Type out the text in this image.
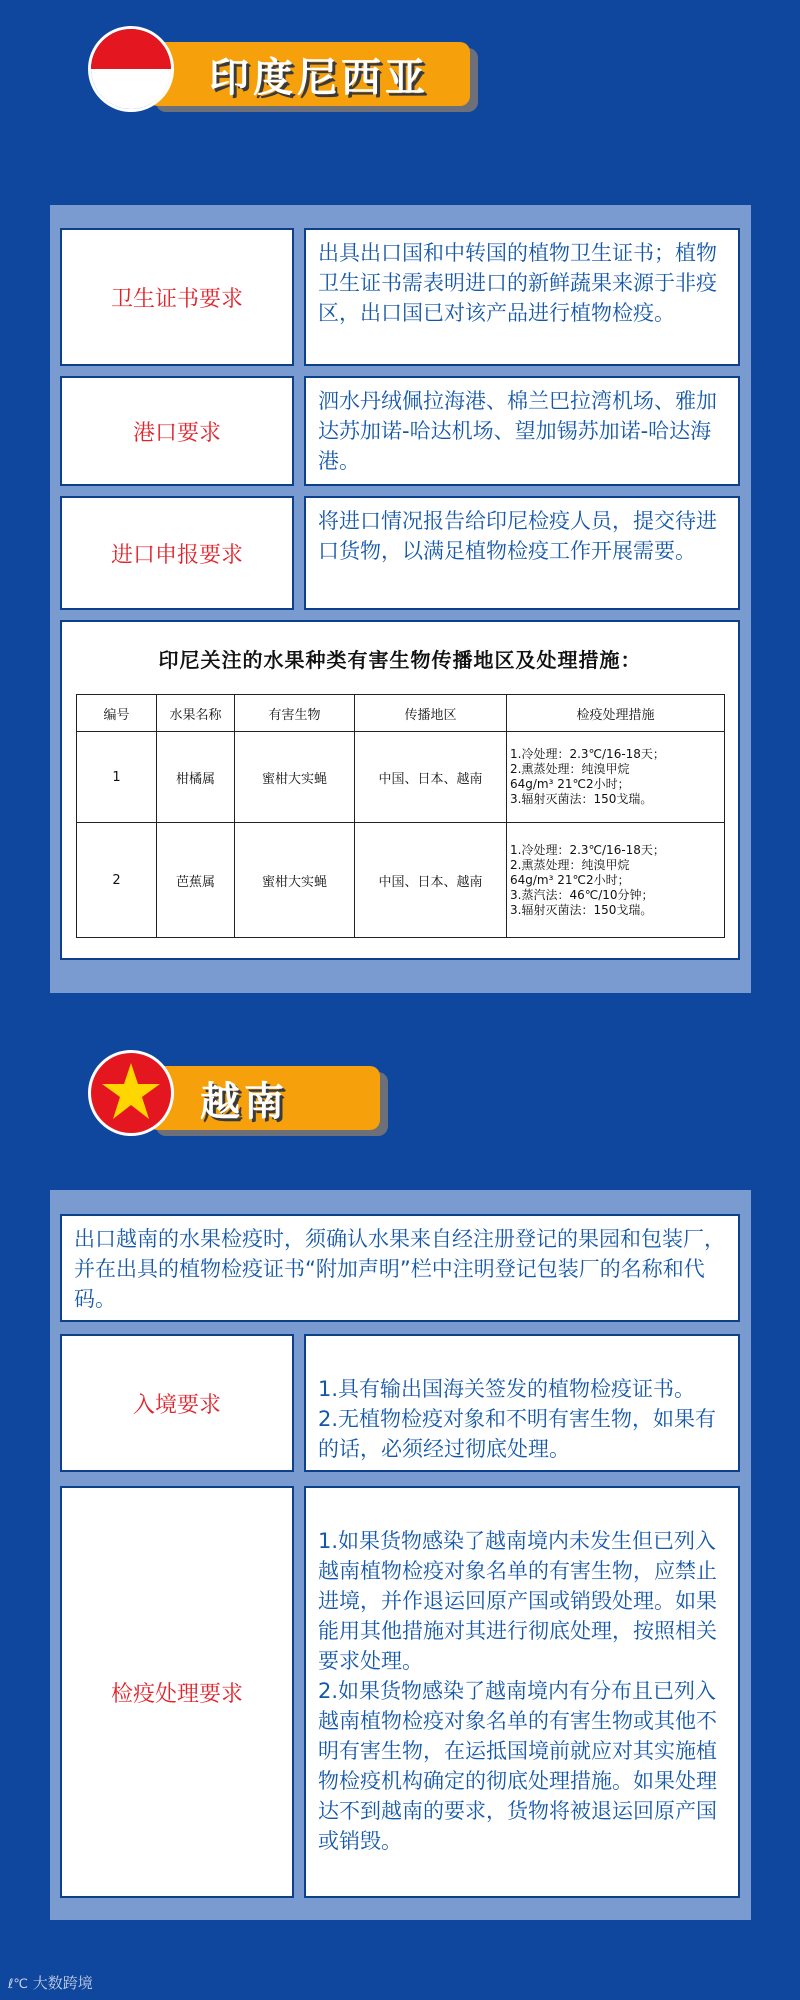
印度尼西亚
卫生证书要求
出具出口国和中转国的植物卫生证书；植物卫生证书需表明进口的新鲜蔬果来源于非疫区，出口国已对该产品进行植物检疫。
港口要求
泗水丹绒佩拉海港、棉兰巴拉湾机场、雅加达苏加诺-哈达机场、望加锡苏加诺-哈达海港。
进口申报要求
将进口情况报告给印尼检疫人员，提交待进口货物，以满足植物检疫工作开展需要。
印尼关注的水果种类有害生物传播地区及处理措施：
编号	水果名称	有害生物	传播地区	检疫处理措施
1	柑橘属	蜜柑大实蝇	中国、日本、越南	1.冷处理：2.3℃/16-18天；
2.熏蒸处理：纯溴甲烷
64g/m³ 21℃2小时；
3.辐射灭菌法：150戈瑞。

2	芭蕉属	蜜柑大实蝇	中国、日本、越南	1.冷处理：2.3℃/16-18天；
2.熏蒸处理：纯溴甲烷
64g/m³ 21℃2小时；
3.蒸汽法：46℃/10分钟；
3.辐射灭菌法：150戈瑞。
越南
出口越南的水果检疫时，须确认水果来自经注册登记的果园和包装厂，并在出具的植物检疫证书“附加声明”栏中注明登记包装厂的名称和代码。
入境要求

1.具有输出国海关签发的植物检疫证书。
2.无植物检疫对象和不明有害生物，如果有的话，必须经过彻底处理。

检疫处理要求

1.如果货物感染了越南境内未发生但已列入越南植物检疫对象名单的有害生物，应禁止进境，并作退运回原产国或销毁处理。如果能用其他措施对其进行彻底处理，按照相关要求处理。
2.如果货物感染了越南境内有分布且已列入越南植物检疫对象名单的有害生物或其他不明有害生物，在运抵国境前就应对其实施植物检疫机构确定的彻底处理措施。如果处理达不到越南的要求，货物将被退运回原产国或销毁。

ℓ℃ 大数跨境
